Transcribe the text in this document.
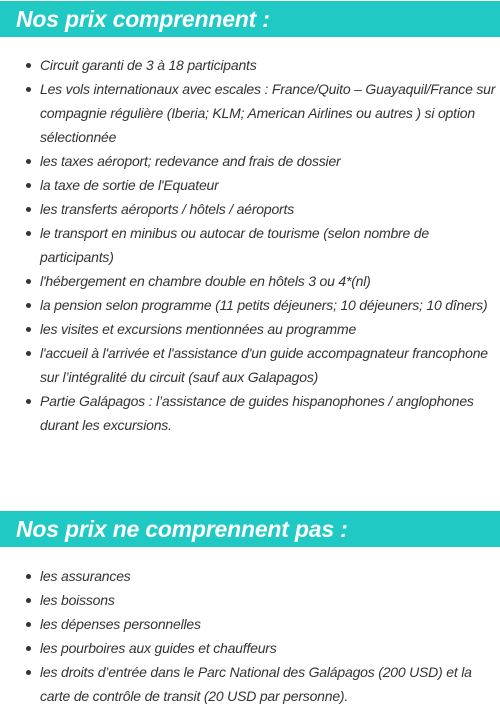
Nos prix comprennent :
Circuit garanti de 3 à 18 participants
Les vols internationaux avec escales : France/Quito – Guayaquil/France sur compagnie régulière (Iberia; KLM; American Airlines ou autres ) si option sélectionnée
les taxes aéroport; redevance and frais de dossier
la taxe de sortie de l'Equateur
les transferts aéroports / hôtels / aéroports
le transport en minibus ou autocar de tourisme (selon nombre de participants)
l'hébergement en chambre double en hôtels 3 ou 4*(nl)
la pension selon programme (11 petits déjeuners; 10 déjeuners; 10 dîners)
les visites et excursions mentionnées au programme
l'accueil à l'arrivée et l'assistance d'un guide accompagnateur francophone sur l’intégralité du circuit (sauf aux Galapagos)
Partie Galápagos : l’assistance de guides hispanophones / anglophones durant les excursions.
Nos prix ne comprennent pas :
les assurances
les boissons
les dépenses personnelles
les pourboires aux guides et chauffeurs
les droits d’entrée dans le Parc National des Galápagos (200 USD) et la carte de contrôle de transit (20 USD par personne).
